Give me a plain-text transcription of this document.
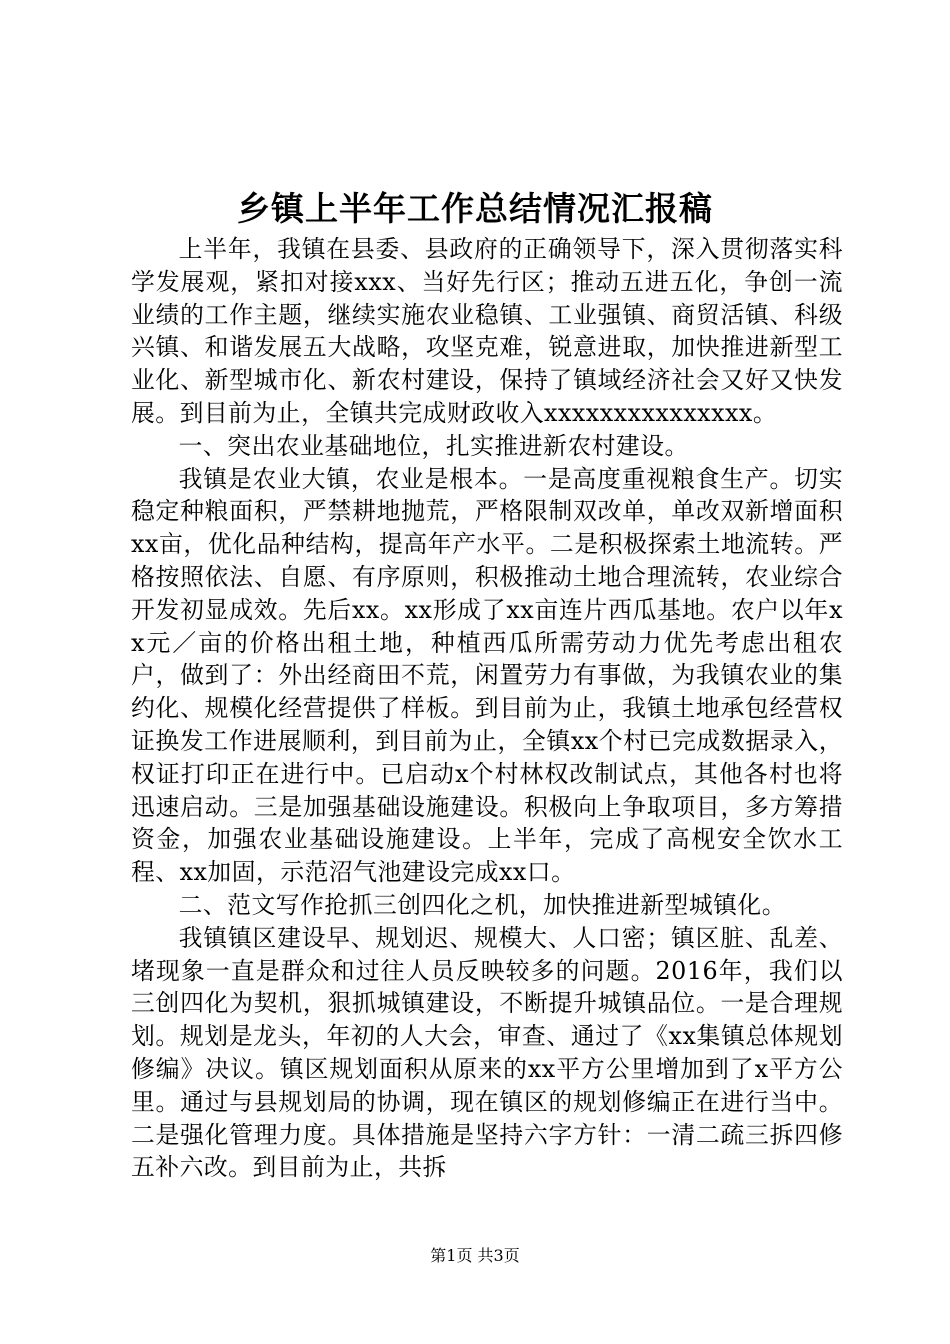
乡镇上半年工作总结情况汇报稿

上半年，我镇在县委、县政府的正确领导下，深入贯彻落实科学发展观，紧扣对接xxx、当好先行区；推动五进五化，争创一流业绩的工作主题，继续实施农业稳镇、工业强镇、商贸活镇、科级兴镇、和谐发展五大战略，攻坚克难，锐意进取，加快推进新型工业化、新型城市化、新农村建设，保持了镇域经济社会又好又快发展。到目前为止，全镇共完成财政收入xxxxxxxxxxxxxxx。

一、突出农业基础地位，扎实推进新农村建设。

我镇是农业大镇，农业是根本。一是高度重视粮食生产。切实稳定种粮面积，严禁耕地抛荒，严格限制双改单，单改双新增面积xx亩，优化品种结构，提高年产水平。二是积极探索土地流转。严格按照依法、自愿、有序原则，积极推动土地合理流转，农业综合开发初显成效。先后xx。xx形成了xx亩连片西瓜基地。农户以年xx元／亩的价格出租土地，种植西瓜所需劳动力优先考虑出租农户，做到了：外出经商田不荒，闲置劳力有事做，为我镇农业的集约化、规模化经营提供了样板。到目前为止，我镇土地承包经营权证换发工作进展顺利，到目前为止，全镇xx个村已完成数据录入，权证打印正在进行中。已启动x个村林权改制试点，其他各村也将迅速启动。三是加强基础设施建设。积极向上争取项目，多方筹措资金，加强农业基础设施建设。上半年，完成了高枧安全饮水工程、xx加固，示范沼气池建设完成xx口。

二、范文写作抢抓三创四化之机，加快推进新型城镇化。

我镇镇区建设早、规划迟、规模大、人口密；镇区脏、乱差、堵现象一直是群众和过往人员反映较多的问题。2016年，我们以三创四化为契机，狠抓城镇建设，不断提升城镇品位。一是合理规划。规划是龙头，年初的人大会，审查、通过了《xx集镇总体规划修编》决议。镇区规划面积从原来的xx平方公里增加到了x平方公里。通过与县规划局的协调，现在镇区的规划修编正在进行当中。二是强化管理力度。具体措施是坚持六字方针：一清二疏三拆四修五补六改。到目前为止，共拆

第1页 共3页
